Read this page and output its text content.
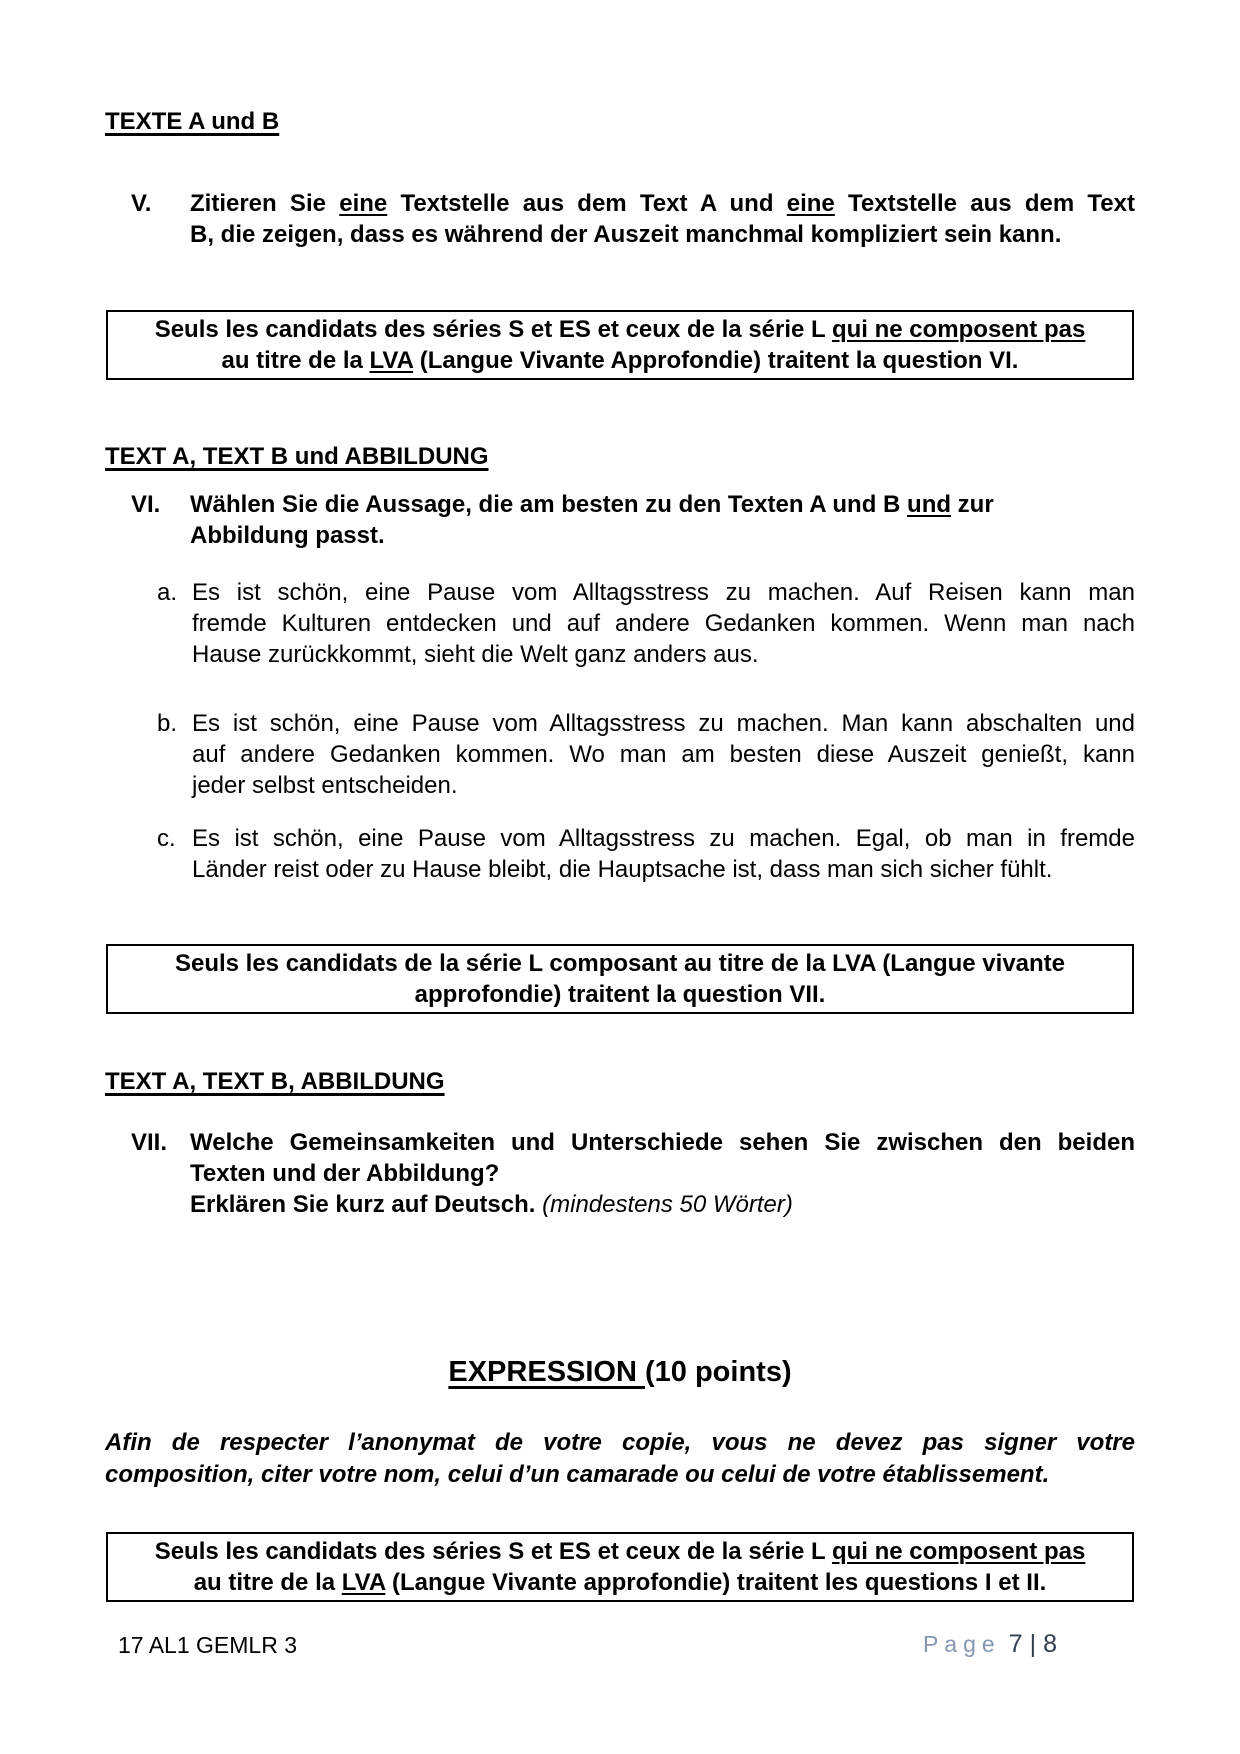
TEXTE A und B
V. Zitieren Sie eine Textstelle aus dem Text A und eine Textstelle aus dem Text
B, die zeigen, dass es während der Auszeit manchmal kompliziert sein kann.
Seuls les candidats des séries S et ES et ceux de la série L qui ne composent pas
au titre de la LVA (Langue Vivante Approfondie) traitent la question VI.
TEXT A, TEXT B und ABBILDUNG
VI. Wählen Sie die Aussage, die am besten zu den Texten A und B und zur
Abbildung passt.
a. Es ist schön, eine Pause vom Alltagsstress zu machen. Auf Reisen kann man
fremde Kulturen entdecken und auf andere Gedanken kommen. Wenn man nach
Hause zurückkommt, sieht die Welt ganz anders aus.
b. Es ist schön, eine Pause vom Alltagsstress zu machen. Man kann abschalten und
auf andere Gedanken kommen. Wo man am besten diese Auszeit genießt, kann
jeder selbst entscheiden.
c. Es ist schön, eine Pause vom Alltagsstress zu machen. Egal, ob man in fremde
Länder reist oder zu Hause bleibt, die Hauptsache ist, dass man sich sicher fühlt.
Seuls les candidats de la série L composant au titre de la LVA (Langue vivante
approfondie) traitent la question VII.
TEXT A, TEXT B, ABBILDUNG
VII. Welche Gemeinsamkeiten und Unterschiede sehen Sie zwischen den beiden
Texten und der Abbildung?
Erklären Sie kurz auf Deutsch. (mindestens 50 Wörter)
EXPRESSION (10 points)
Afin de respecter l’anonymat de votre copie, vous ne devez pas signer votre
composition, citer votre nom, celui d’un camarade ou celui de votre établissement.
Seuls les candidats des séries S et ES et ceux de la série L qui ne composent pas
au titre de la LVA (Langue Vivante approfondie) traitent les questions I et II.
17 AL1 GEMLR 3	Page 7 | 8
